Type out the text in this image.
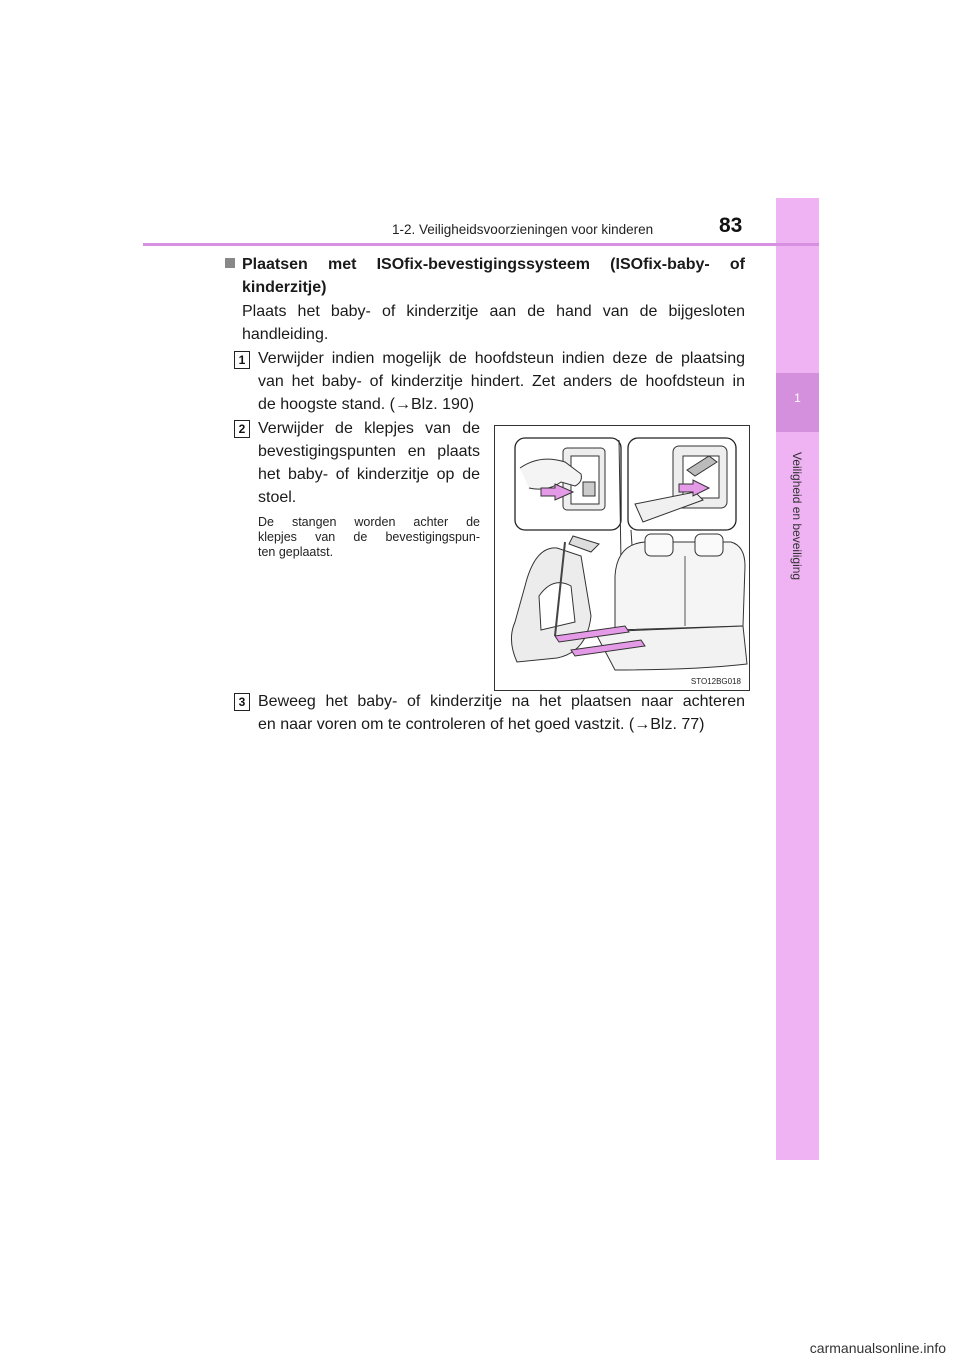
1
Veiligheid en beveiliging
1-2. Veiligheidsvoorzieningen voor kinderen	83
Plaatsen met ISOfix-bevestigingssysteem (ISOfix-baby- of
kinderzitje)
Plaats het baby- of kinderzitje aan de hand van de bijgesloten
handleiding.
1 Verwijder indien mogelijk de hoofdsteun indien deze de plaatsing
van het baby- of kinderzitje hindert. Zet anders de hoofdsteun in
de hoogste stand. (→Blz. 190)
2 Verwijder de klepjes van de
bevestigingspunten en plaats
het baby- of kinderzitje op de
stoel.
De stangen worden achter de
klepjes van de bevestigingspun-
ten geplaatst.
STO12BG018
3 Beweeg het baby- of kinderzitje na het plaatsen naar achteren
en naar voren om te controleren of het goed vastzit. (→Blz. 77)
carmanualsonline.info
